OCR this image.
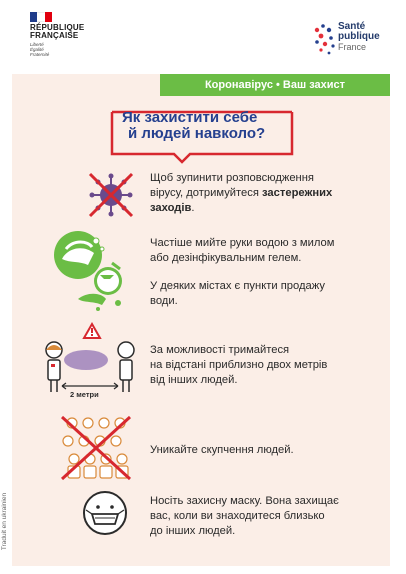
RÉPUBLIQUE
FRANÇAISE
Liberté
Égalité
Fraternité
Santé
publique
France
Коронавірус • Ваш захист
Як захистити себе
й людей навколо?
Щоб зупинити розповсюдження
вірусу, дотримуйтеся застережних
заходів.
Частіше мийте руки водою з милом
або дезінфікувальним гелем.
У деяких містах є пункти продажу
води.
2 метри
За можливості тримайтеся
на відстані приблизно двох метрів
від інших людей.
Уникайте скупчення людей.
Носіть захисну маску. Вона захищає
вас, коли ви знаходитеся близько
до інших людей.
Traduit en ukrainien
